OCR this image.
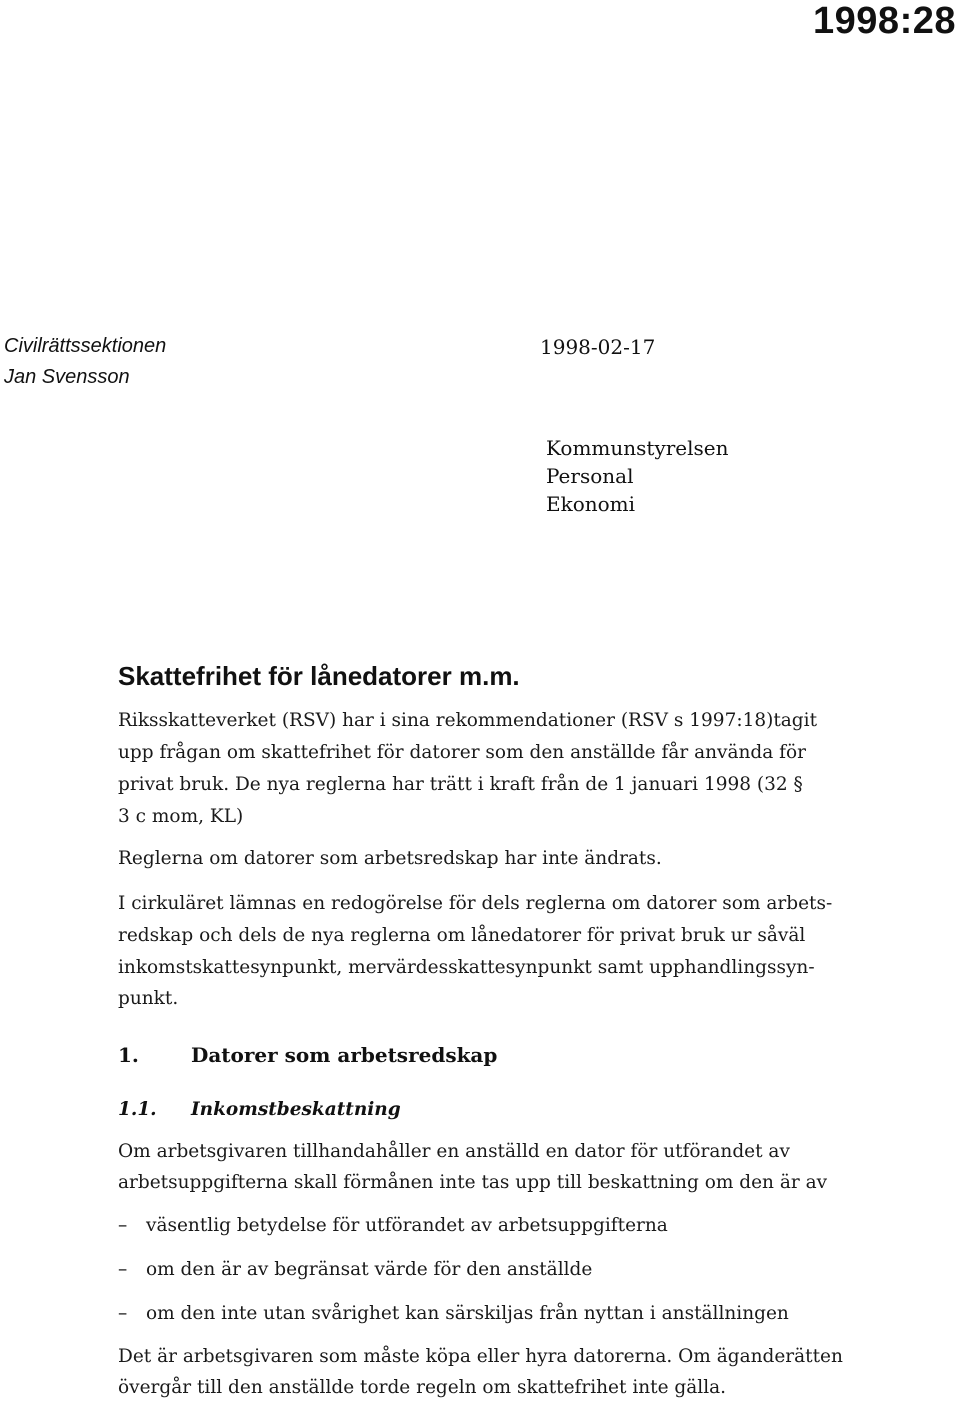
1998:28
Civilrättssektionen
Jan Svensson
1998-02-17
Kommunstyrelsen
Personal
Ekonomi
Skattefrihet för lånedatorer m.m.
Riksskatteverket (RSV) har i sina rekommendationer (RSV s 1997:18)tagit
upp frågan om skattefrihet för datorer som den anställde får använda för
privat bruk. De nya reglerna har trätt i kraft från de 1 januari 1998 (32 §
3 c mom, KL)
Reglerna om datorer som arbetsredskap har inte ändrats.
I cirkuläret lämnas en redogörelse för dels reglerna om datorer som arbets-
redskap och dels de nya reglerna om lånedatorer för privat bruk ur såväl
inkomstskattesynpunkt, mervärdesskattesynpunkt samt upphandlingssyn-
punkt.
1.	Datorer som arbetsredskap
1.1. Inkomstbeskattning
Om arbetsgivaren tillhandahåller en anställd en dator för utförandet av
arbetsuppgifterna skall förmånen inte tas upp till beskattning om den är av
– väsentlig betydelse för utförandet av arbetsuppgifterna
– om den är av begränsat värde för den anställde
– om den inte utan svårighet kan särskiljas från nyttan i anställningen
Det är arbetsgivaren som måste köpa eller hyra datorerna. Om äganderätten
övergår till den anställde torde regeln om skattefrihet inte gälla.
